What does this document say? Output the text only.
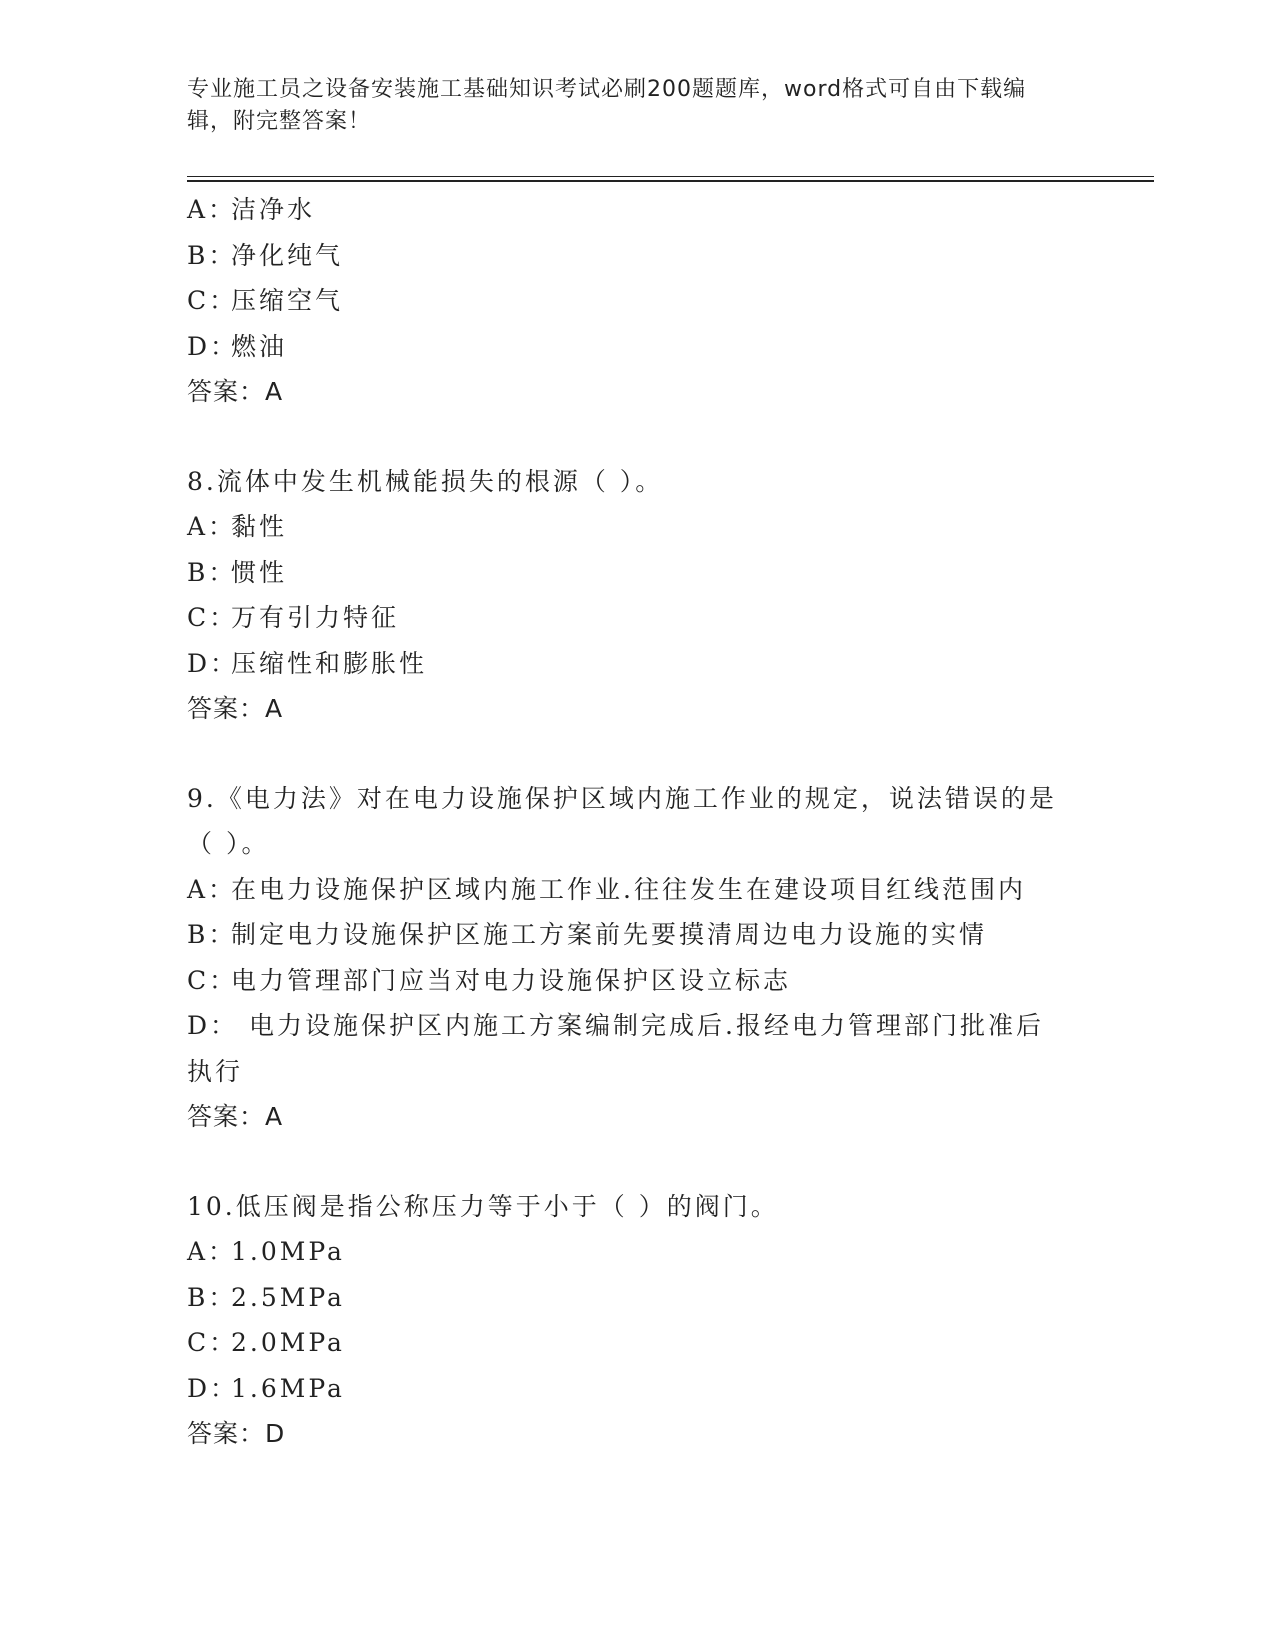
专业施工员之设备安装施工基础知识考试必刷200题题库，word格式可自由下载编辑，附完整答案！
A：洁净水
B：净化纯气
C：压缩空气
D：燃油
答案：A
8.流体中发生机械能损失的根源（ ）。
A：黏性
B：惯性
C：万有引力特征
D：压缩性和膨胀性
答案：A
9.《电力法》对在电力设施保护区域内施工作业的规定，说法错误的是（ ）。
A：在电力设施保护区域内施工作业.往往发生在建设项目红线范围内
B：制定电力设施保护区施工方案前先要摸清周边电力设施的实情
C：电力管理部门应当对电力设施保护区设立标志
D： 电力设施保护区内施工方案编制完成后.报经电力管理部门批准后执行
答案：A
10.低压阀是指公称压力等于小于（ ）的阀门。
A：1.0MPa
B：2.5MPa
C：2.0MPa
D：1.6MPa
答案：D
